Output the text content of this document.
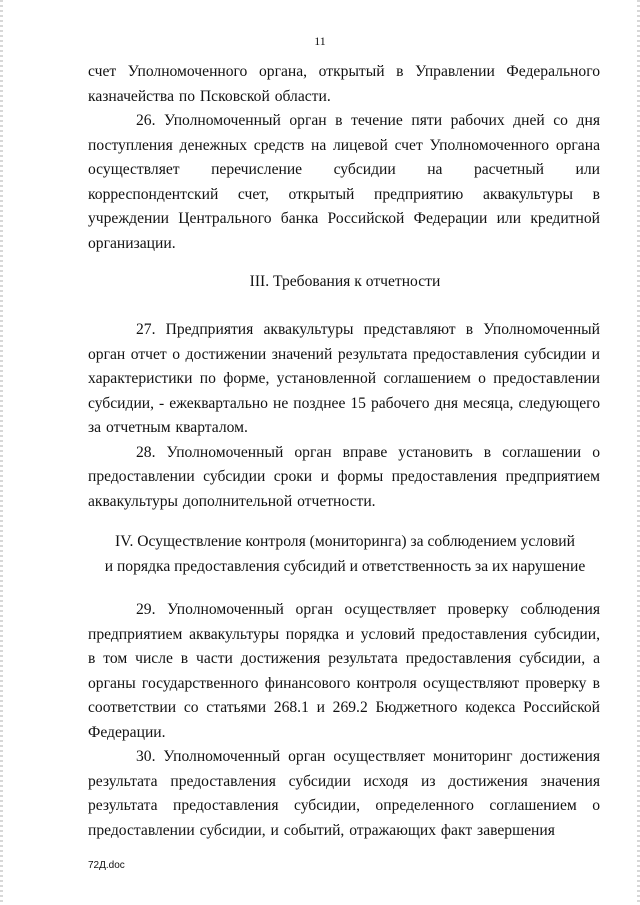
11

счет Уполномоченного органа, открытый в Управлении Федерального казначейства по Псковской области.

26. Уполномоченный орган в течение пяти рабочих дней со дня поступления денежных средств на лицевой счет Уполномоченного органа осуществляет перечисление субсидии на расчетный или корреспондентский счет, открытый предприятию аквакультуры в учреждении Центрального банка Российской Федерации или кредитной организации.

III. Требования к отчетности

27. Предприятия аквакультуры представляют в Уполномоченный орган отчет о достижении значений результата предоставления субсидии и характеристики по форме, установленной соглашением о предоставлении субсидии, - ежеквартально не позднее 15 рабочего дня месяца, следующего за отчетным кварталом.

28. Уполномоченный орган вправе установить в соглашении о предоставлении субсидии сроки и формы предоставления предприятием аквакультуры дополнительной отчетности.

IV. Осуществление контроля (мониторинга) за соблюдением условий
и порядка предоставления субсидий и ответственность за их нарушение

29. Уполномоченный орган осуществляет проверку соблюдения предприятием аквакультуры порядка и условий предоставления субсидии, в том числе в части достижения результата предоставления субсидии, а органы государственного финансового контроля осуществляют проверку в соответствии со статьями 268.1 и 269.2 Бюджетного кодекса Российской Федерации.

30. Уполномоченный орган осуществляет мониторинг достижения результата предоставления субсидии исходя из достижения значения результата предоставления субсидии, определенного соглашением о предоставлении субсидии, и событий, отражающих факт завершения

72Д.doc
